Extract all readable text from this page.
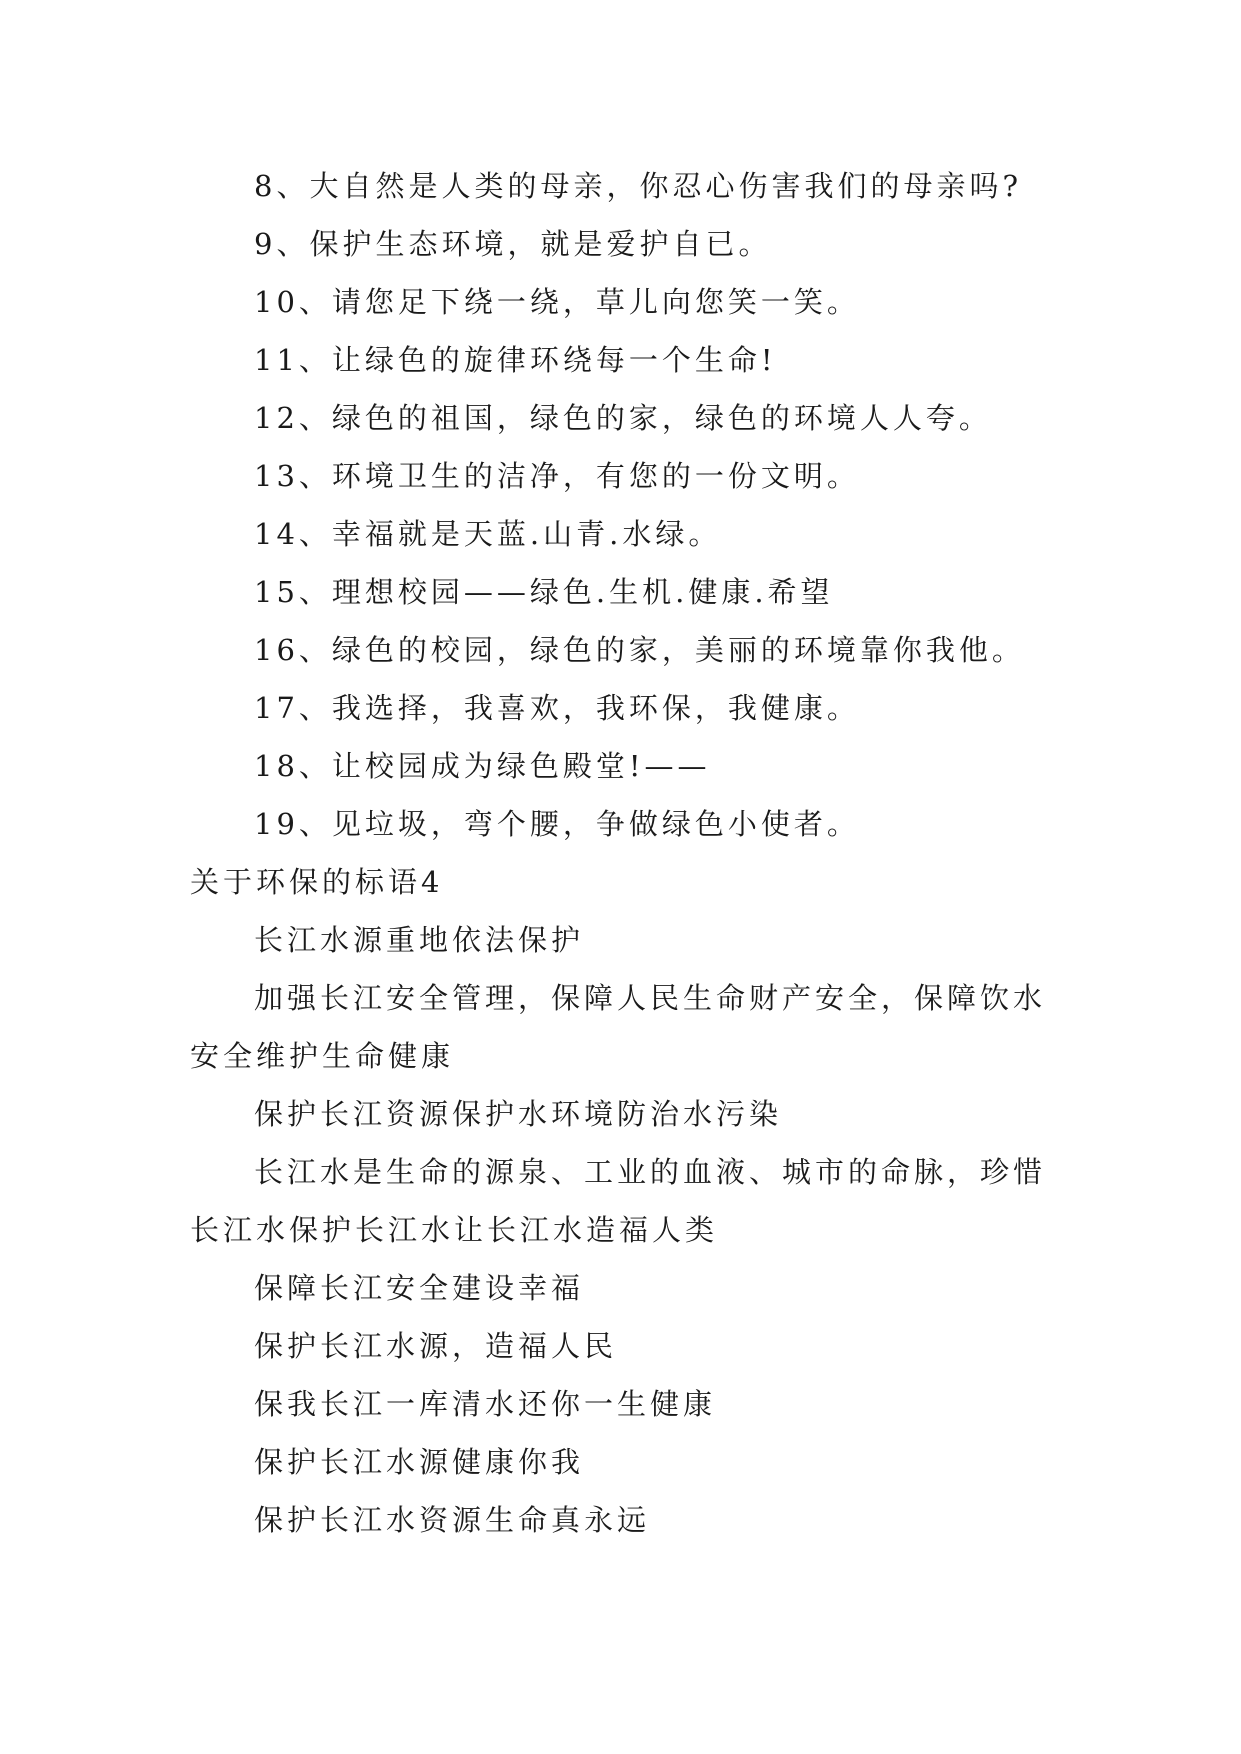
8、大自然是人类的母亲，你忍心伤害我们的母亲吗?
9、保护生态环境，就是爱护自已。
10、请您足下绕一绕，草儿向您笑一笑。
11、让绿色的旋律环绕每一个生命!
12、绿色的祖国，绿色的家，绿色的环境人人夸。
13、环境卫生的洁净，有您的一份文明。
14、幸福就是天蓝.山青.水绿。
15、理想校园——绿色.生机.健康.希望
16、绿色的校园，绿色的家，美丽的环境靠你我他。
17、我选择，我喜欢，我环保，我健康。
18、让校园成为绿色殿堂!——
19、见垃圾，弯个腰，争做绿色小使者。
关于环保的标语4
长江水源重地依法保护
加强长江安全管理，保障人民生命财产安全，保障饮水
安全维护生命健康
保护长江资源保护水环境防治水污染
长江水是生命的源泉、工业的血液、城市的命脉，珍惜
长江水保护长江水让长江水造福人类
保障长江安全建设幸福
保护长江水源，造福人民
保我长江一库清水还你一生健康
保护长江水源健康你我
保护长江水资源生命真永远
